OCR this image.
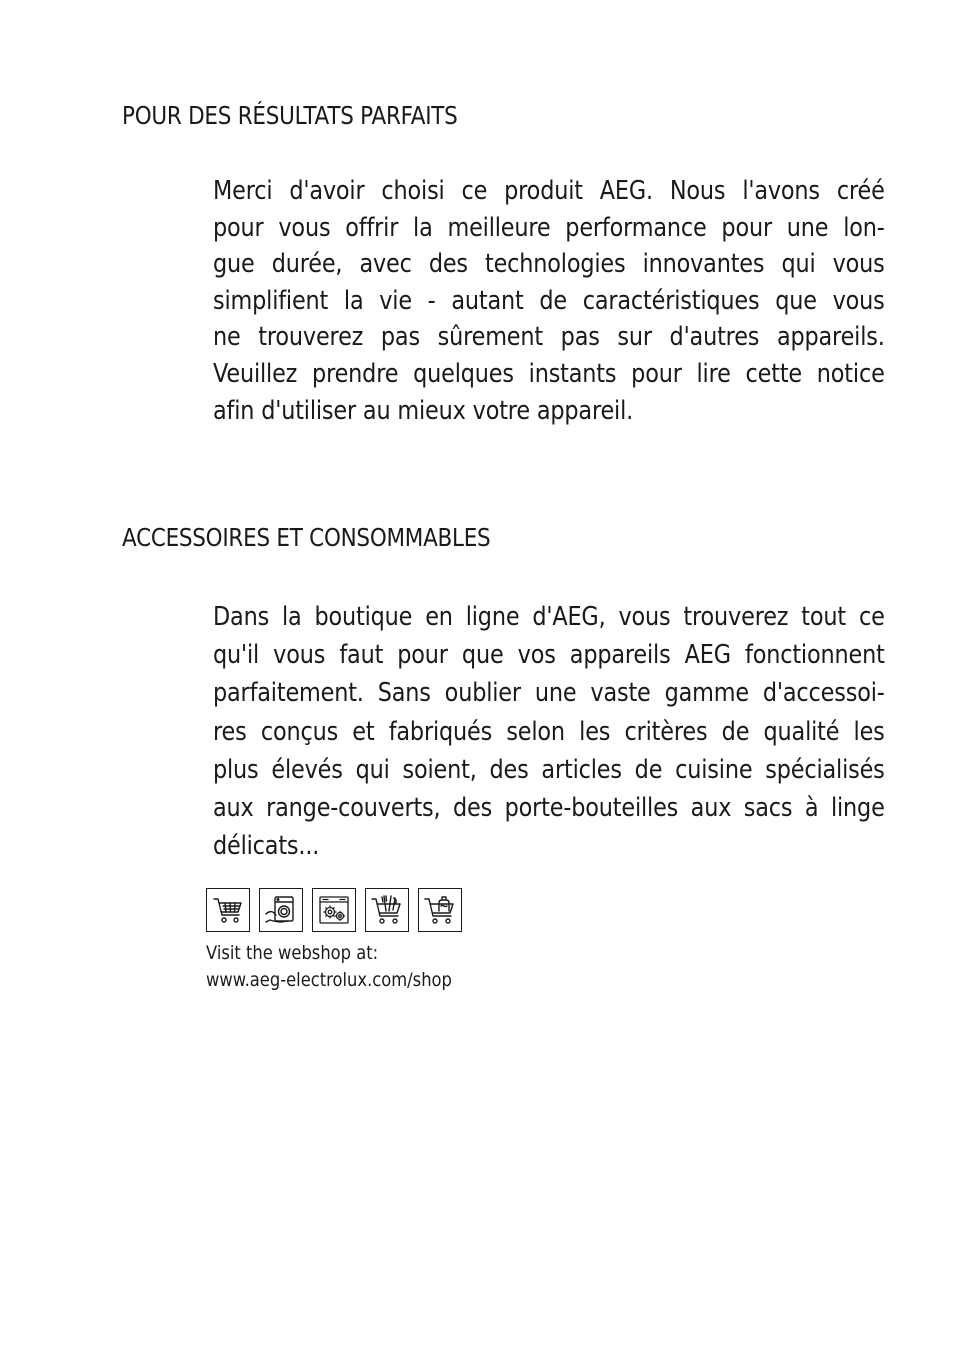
POUR DES RÉSULTATS PARFAITS
Merci d'avoir choisi ce produit AEG. Nous l'avons créé
pour vous offrir la meilleure performance pour une lon-
gue durée, avec des technologies innovantes qui vous
simplifient la vie - autant de caractéristiques que vous
ne trouverez pas sûrement pas sur d'autres appareils.
Veuillez prendre quelques instants pour lire cette notice
afin d'utiliser au mieux votre appareil.
ACCESSOIRES ET CONSOMMABLES
Dans la boutique en ligne d'AEG, vous trouverez tout ce
qu'il vous faut pour que vos appareils AEG fonctionnent
parfaitement. Sans oublier une vaste gamme d'accessoi-
res conçus et fabriqués selon les critères de qualité les
plus élevés qui soient, des articles de cuisine spécialisés
aux range-couverts, des porte-bouteilles aux sacs à linge
délicats...
Visit the webshop at:
www.aeg-electrolux.com/shop
